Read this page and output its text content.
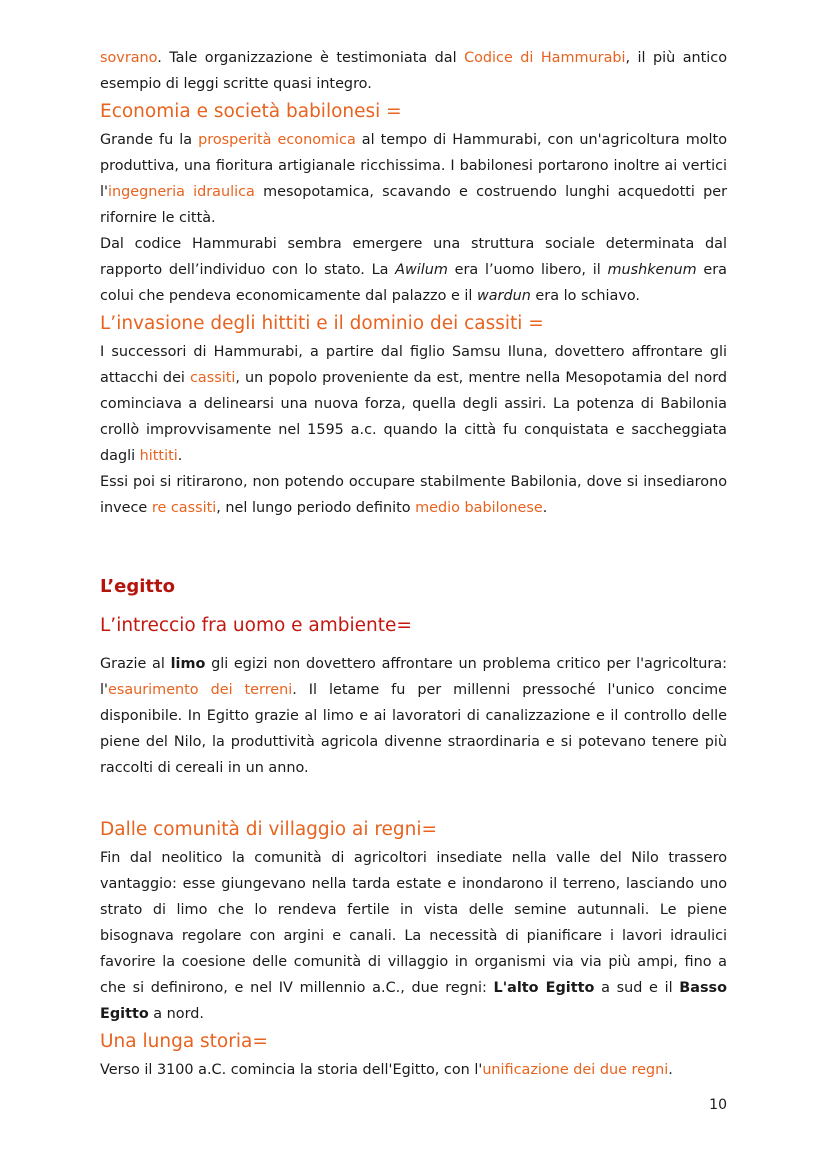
sovrano. Tale organizzazione è testimoniata dal Codice di Hammurabi, il più antico esempio di leggi scritte quasi integro.

Economia e società babilonesi =

Grande fu la prosperità economica al tempo di Hammurabi, con un'agricoltura molto produttiva, una fioritura artigianale ricchissima. I babilonesi portarono inoltre ai vertici l'ingegneria idraulica mesopotamica, scavando e costruendo lunghi acquedotti per rifornire le città.

Dal codice Hammurabi sembra emergere una struttura sociale determinata dal rapporto dell’individuo con lo stato. La Awilum era l’uomo libero, il mushkenum era colui che pendeva economicamente dal palazzo e il wardun era lo schiavo.

L’invasione degli hittiti e il dominio dei cassiti =

I successori di Hammurabi, a partire dal figlio Samsu Iluna, dovettero affrontare gli attacchi dei cassiti, un popolo proveniente da est, mentre nella Mesopotamia del nord cominciava a delinearsi una nuova forza, quella degli assiri. La potenza di Babilonia crollò improvvisamente nel 1595 a.c. quando la città fu conquistata e saccheggiata dagli hittiti.

Essi poi si ritirarono, non potendo occupare stabilmente Babilonia, dove si insediarono invece re cassiti, nel lungo periodo definito medio babilonese.

L’egitto
L’intreccio fra uomo e ambiente=

Grazie al limo gli egizi non dovettero affrontare un problema critico per l'agricoltura: l'esaurimento dei terreni. Il letame fu per millenni pressoché l'unico concime disponibile. In Egitto grazie al limo e ai lavoratori di canalizzazione e il controllo delle piene del Nilo, la produttività agricola divenne straordinaria e si potevano tenere più raccolti di cereali in un anno.

Dalle comunità di villaggio ai regni=

Fin dal neolitico la comunità di agricoltori insediate nella valle del Nilo trassero vantaggio: esse giungevano nella tarda estate e inondarono il terreno, lasciando uno strato di limo che lo rendeva fertile in vista delle semine autunnali. Le piene bisognava regolare con argini e canali. La necessità di pianificare i lavori idraulici favorire la coesione delle comunità di villaggio in organismi via via più ampi, fino a che si definirono, e nel IV millennio a.C., due regni: L'alto Egitto a sud e il Basso Egitto a nord.

Una lunga storia=

Verso il 3100 a.C. comincia la storia dell'Egitto, con l'unificazione dei due regni.

10
